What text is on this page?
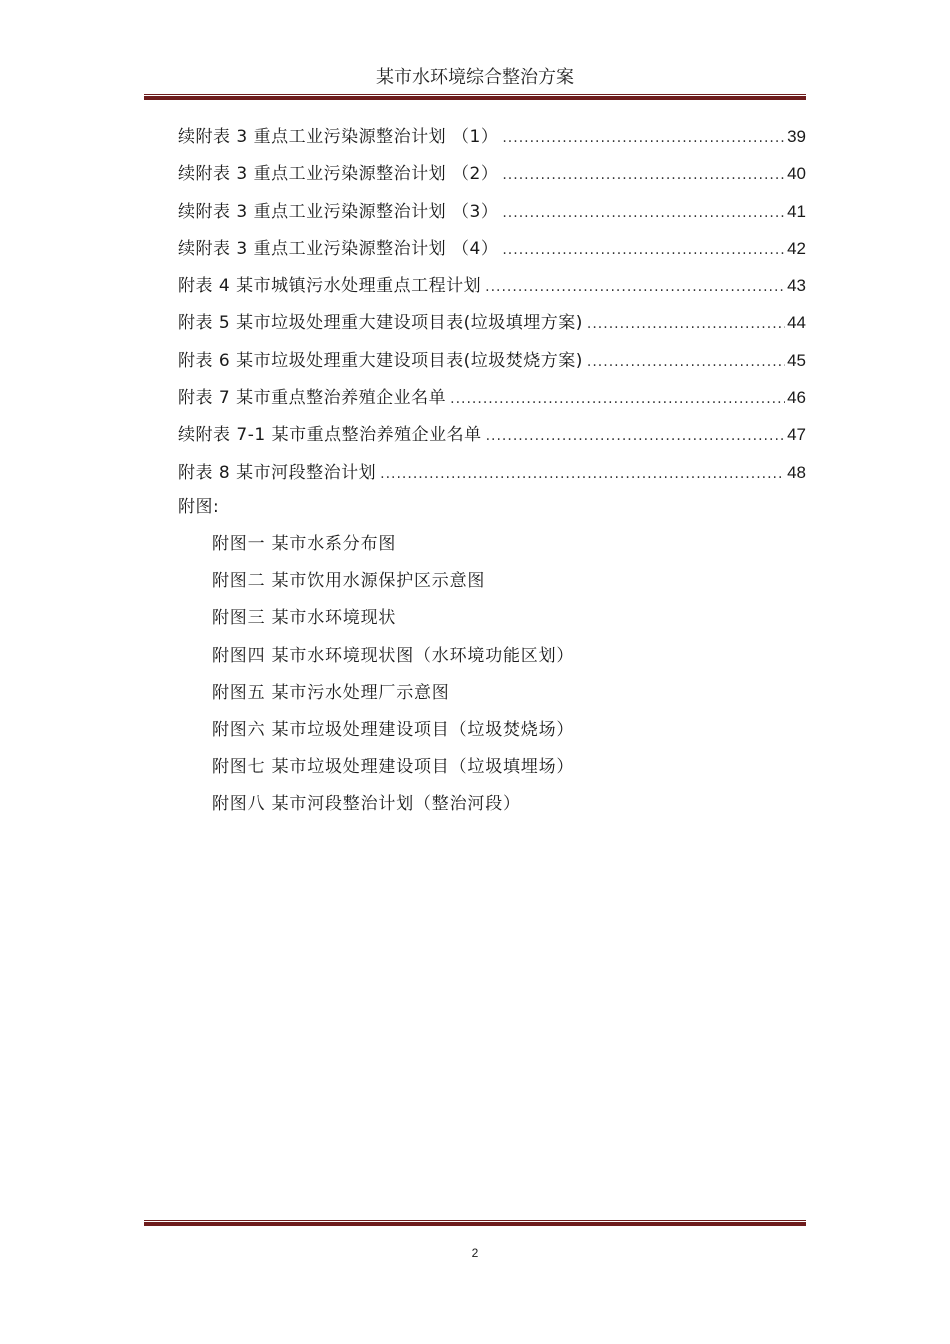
某市水环境综合整治方案
续附表 3 重点工业污染源整治计划 （1） .....	39
续附表 3 重点工业污染源整治计划 （2） .....	40
续附表 3 重点工业污染源整治计划 （3） .....	41
续附表 3 重点工业污染源整治计划 （4） .....	42
附表 4 某市城镇污水处理重点工程计划 .....	43
附表 5 某市垃圾处理重大建设项目表(垃圾填埋方案) .....	44
附表 6 某市垃圾处理重大建设项目表(垃圾焚烧方案) .....	45
附表 7 某市重点整治养殖企业名单 .....	46
续附表 7-1 某市重点整治养殖企业名单 .....	47
附表 8 某市河段整治计划 .....	48
附图:
附图一 某市水系分布图
附图二 某市饮用水源保护区示意图
附图三 某市水环境现状
附图四 某市水环境现状图（水环境功能区划）
附图五 某市污水处理厂示意图
附图六 某市垃圾处理建设项目（垃圾焚烧场）
附图七 某市垃圾处理建设项目（垃圾填埋场）
附图八 某市河段整治计划（整治河段）
2
